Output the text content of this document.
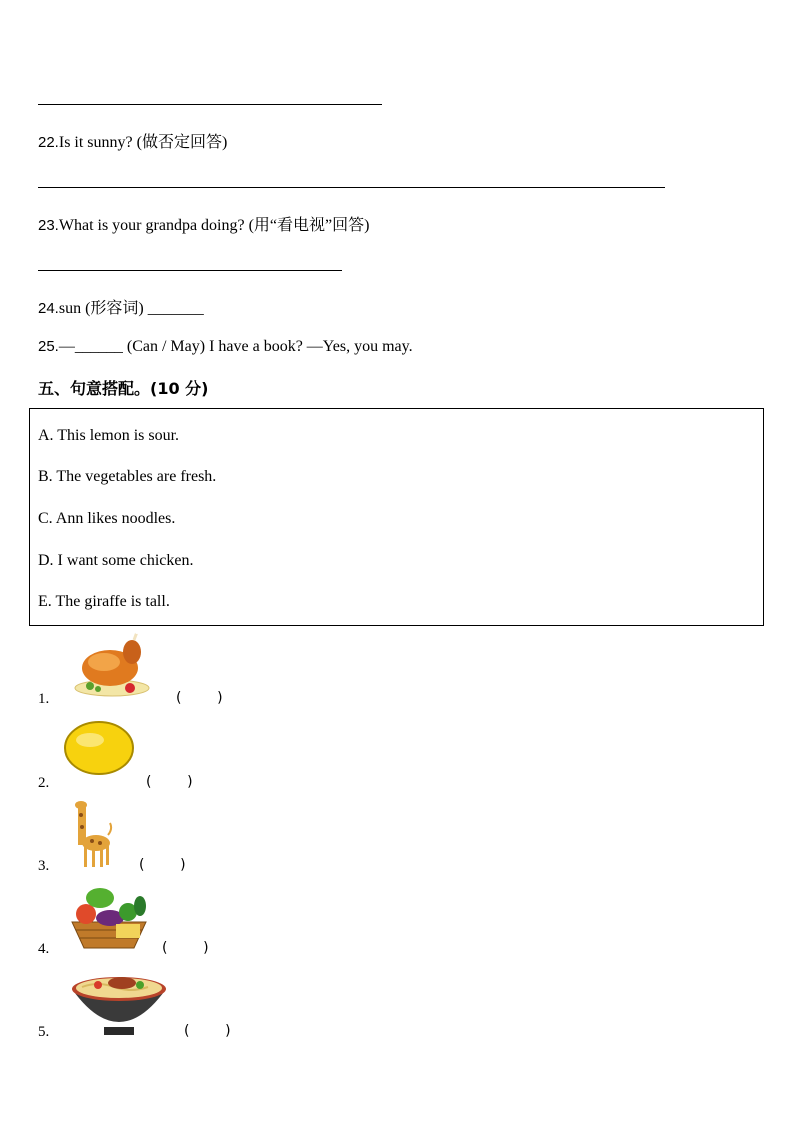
22.Is it sunny? (做否定回答)
23.What is your grandpa doing? (用“看电视”回答)
24.sun (形容词) _______
25.—______ (Can / May) I have a book? —Yes, you may.
五、句意搭配。(10 分)
A. This lemon is sour.
B. The vegetables are fresh.
C. Ann likes noodles.
D. I want some chicken.
E. The giraffe is tall.
1.	(        )
2.	(        )
3.	(        )
4.	(        )
5.	(        )
